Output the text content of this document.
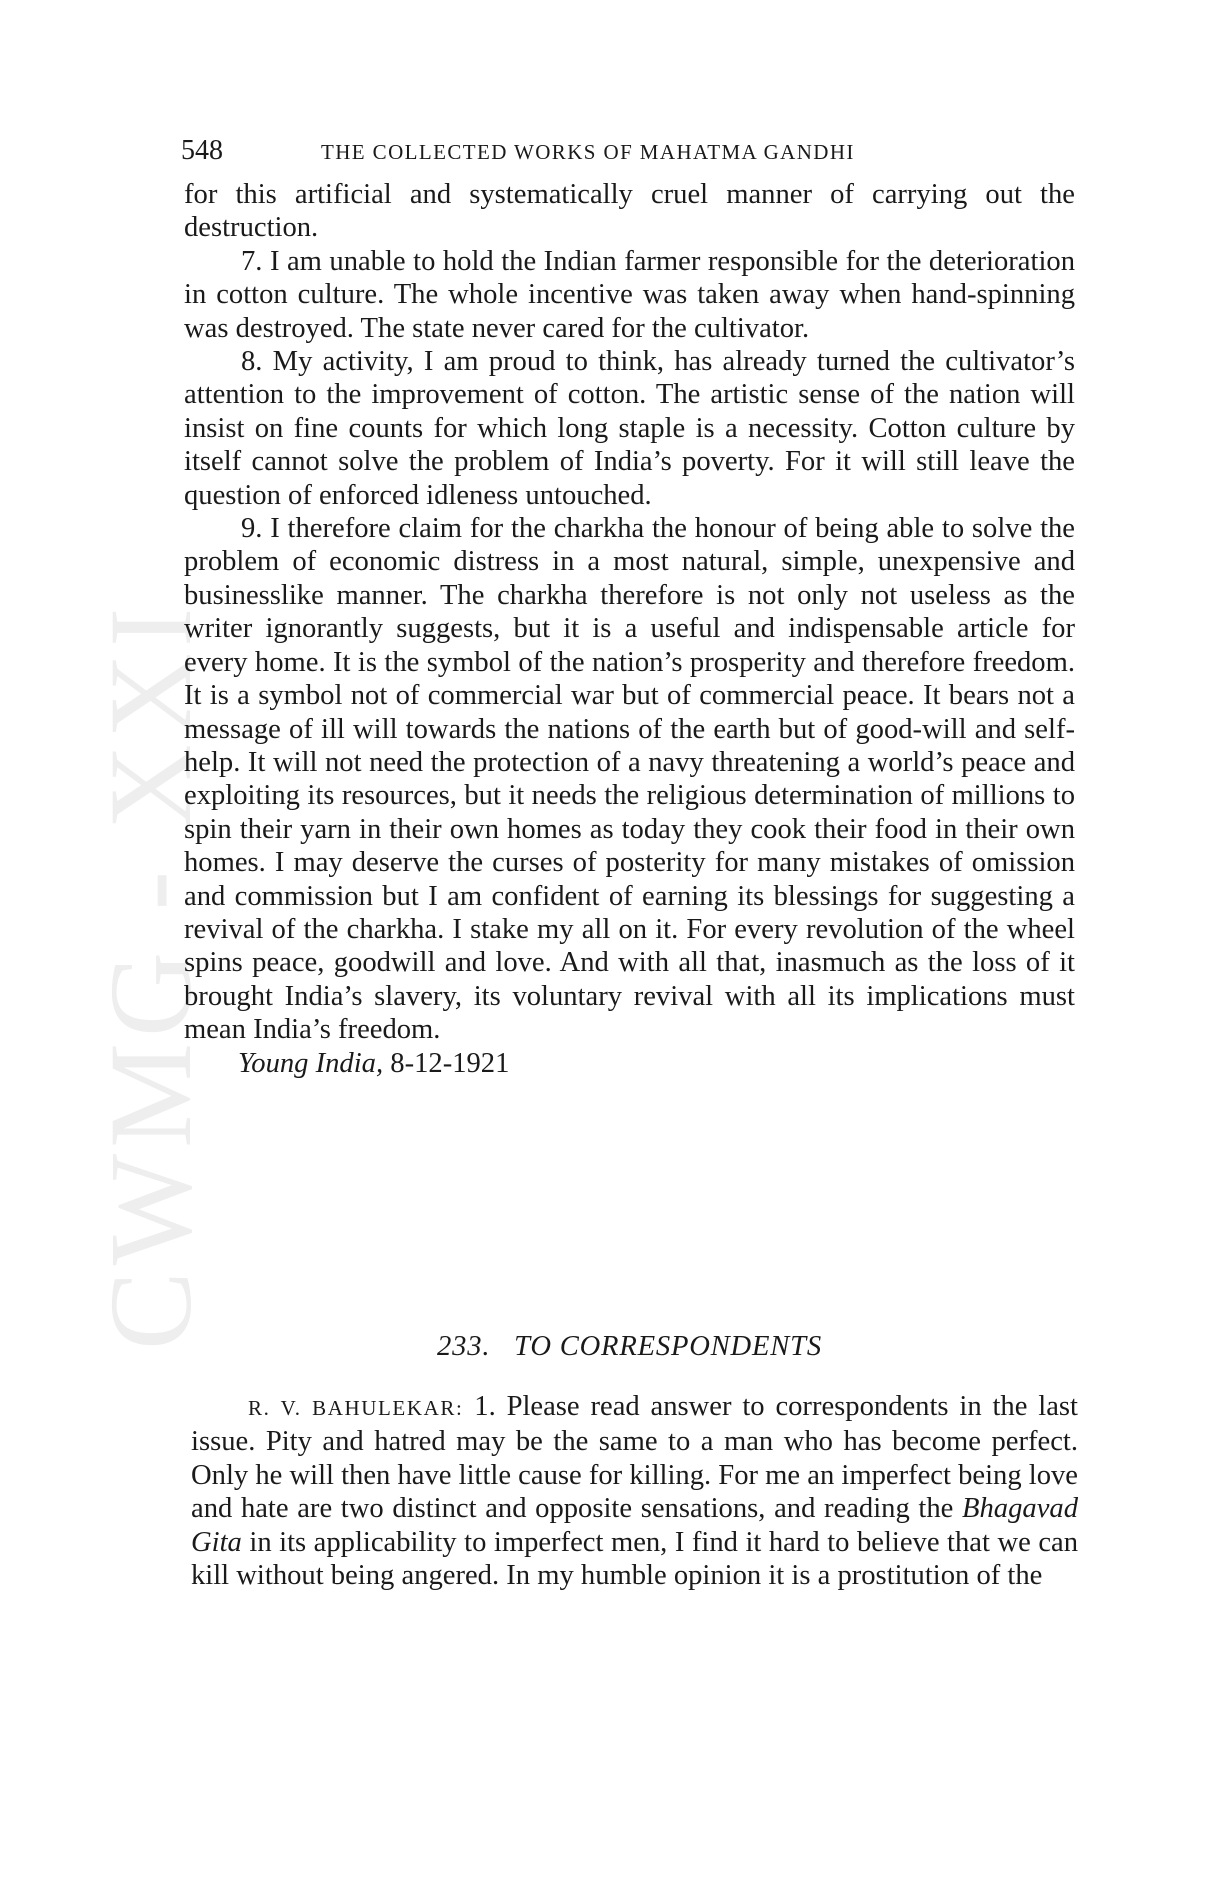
CWMG - XXI
548	THE COLLECTED WORKS OF MAHATMA GANDHI

for this artificial and systematically cruel manner of carrying out the destruction.

7. I am unable to hold the Indian farmer responsible for the deterioration in cotton culture. The whole incentive was taken away when hand-spinning was destroyed. The state never cared for the cultivator.

8. My activity, I am proud to think, has already turned the cultivator’s attention to the improvement of cotton. The artistic sense of the nation will insist on fine counts for which long staple is a necessity. Cotton culture by itself cannot solve the problem of India’s poverty. For it will still leave the question of enforced idleness untouched.

9. I therefore claim for the charkha the honour of being able to solve the problem of economic distress in a most natural, simple, unexpensive and businesslike manner. The charkha therefore is not only not useless as the writer ignorantly suggests, but it is a useful and indispensable article for every home. It is the symbol of the nation’s prosperity and therefore freedom. It is a symbol not of commercial war but of commercial peace. It bears not a message of ill will towards the nations of the earth but of good-will and self-help. It will not need the protection of a navy threatening a world’s peace and exploiting its resources, but it needs the religious determination of millions to spin their yarn in their own homes as today they cook their food in their own homes. I may deserve the curses of posterity for many mistakes of omission and commission but I am confident of earning its blessings for suggesting a revival of the charkha. I stake my all on it. For every revolution of the wheel spins peace, goodwill and love. And with all that, inasmuch as the loss of it brought India’s slavery, its voluntary revival with all its implications must mean India’s freedom.

Young India, 8-12-1921

233. TO CORRESPONDENTS

R. V. BAHULEKAR: 1. Please read answer to correspondents in the last issue. Pity and hatred may be the same to a man who has become perfect. Only he will then have little cause for killing. For me an imperfect being love and hate are two distinct and opposite sensations, and reading the Bhagavad Gita in its applicability to imperfect men, I find it hard to believe that we can kill without being angered. In my humble opinion it is a prostitution of the
